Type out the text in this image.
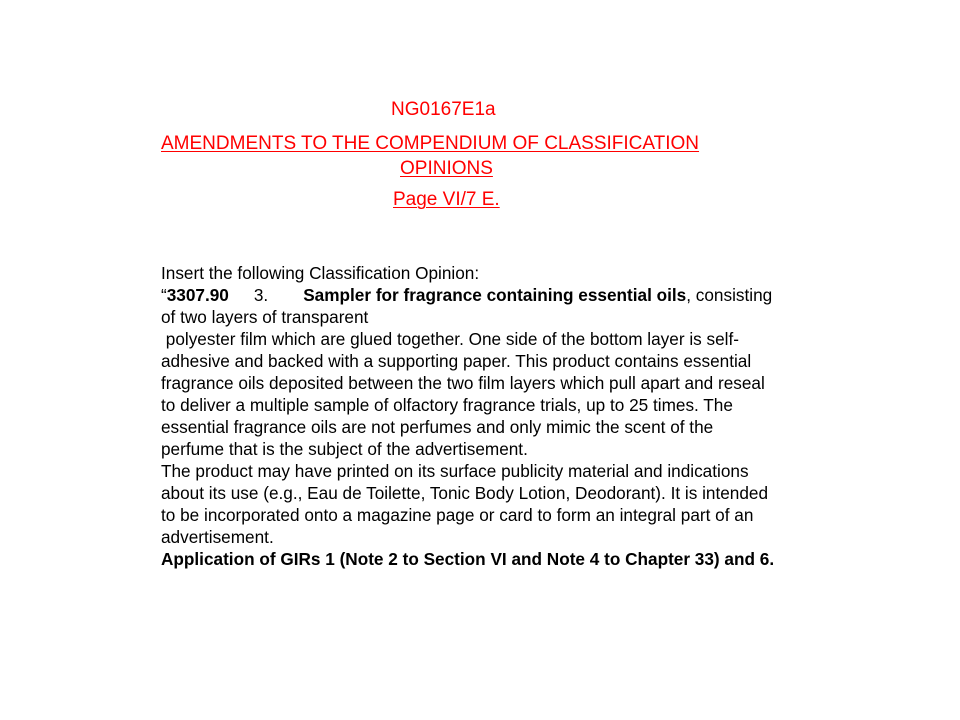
NG0167E1a
AMENDMENTS TO THE COMPENDIUM OF CLASSIFICATION
OPINIONS
Page VI/7 E.
Insert the following Classification Opinion:
“3307.90 3. Sampler for fragrance containing essential oils, consisting
of two layers of transparent
polyester film which are glued together. One side of the bottom layer is self-
adhesive and backed with a supporting paper. This product contains essential
fragrance oils deposited between the two film layers which pull apart and reseal
to deliver a multiple sample of olfactory fragrance trials, up to 25 times. The
essential fragrance oils are not perfumes and only mimic the scent of the
perfume that is the subject of the advertisement.
The product may have printed on its surface publicity material and indications
about its use (e.g., Eau de Toilette, Tonic Body Lotion, Deodorant). It is intended
to be incorporated onto a magazine page or card to form an integral part of an
advertisement.
Application of GIRs 1 (Note 2 to Section VI and Note 4 to Chapter 33) and 6.
